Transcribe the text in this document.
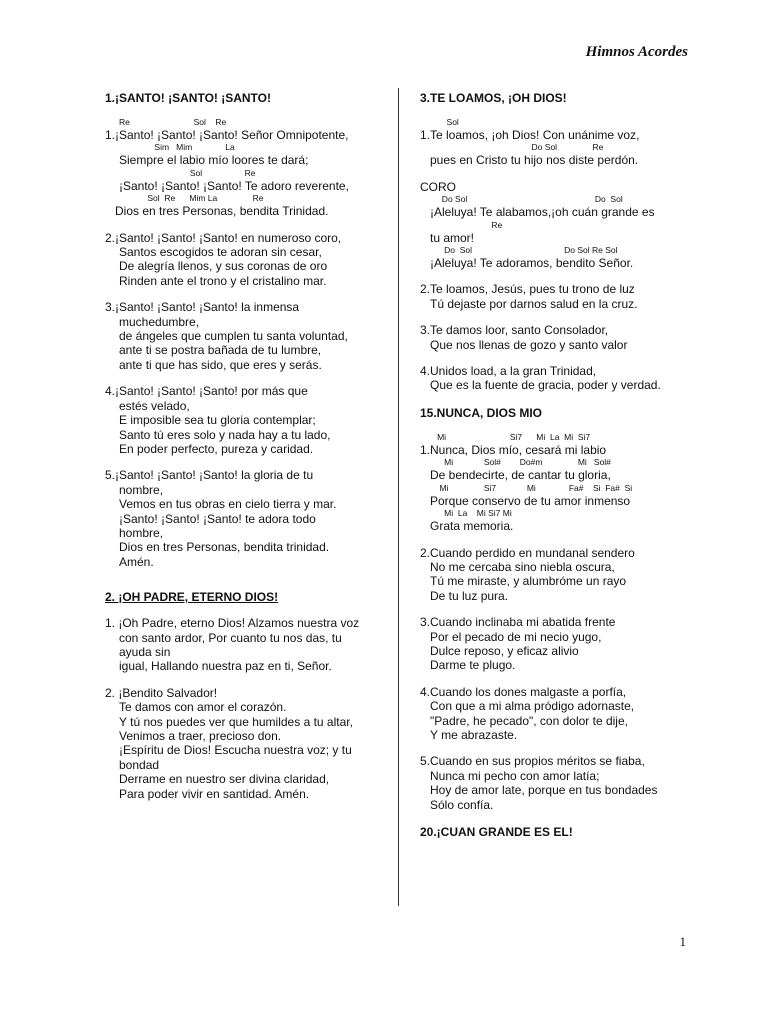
Himnos Acordes

1.¡SANTO! ¡SANTO! ¡SANTO!

Re                           Sol    Re

1.¡Santo! ¡Santo! ¡Santo! Señor Omnipotente,

Sim   Mim              La

Siempre el labio mío loores te dará;

Sol                  Re

¡Santo! ¡Santo! ¡Santo! Te adoro reverente,

Sol  Re      Mim La               Re

Dios en tres Personas, bendita Trinidad.

2.¡Santo! ¡Santo! ¡Santo! en numeroso coro,

Santos escogidos te adoran sin cesar,

De alegría llenos, y sus coronas de oro

Rinden ante el trono y el cristalino mar.

3.¡Santo! ¡Santo! ¡Santo! la inmensa

muchedumbre,

de ángeles que cumplen tu santa voluntad,

ante ti se postra bañada de tu lumbre,

ante ti que has sido, que eres y serás.

4.¡Santo! ¡Santo! ¡Santo! por más que

estés velado,

E imposible sea tu gloria contemplar;

Santo tú eres solo y nada hay a tu lado,

En poder perfecto, pureza y caridad.

5.¡Santo! ¡Santo! ¡Santo! la gloria de tu

nombre,

Vemos en tus obras en cielo tierra y mar.

¡Santo! ¡Santo! ¡Santo! te adora todo

hombre,

Dios en tres Personas, bendita trinidad.

Amén.

2. ¡OH PADRE, ETERNO DIOS!

1. ¡Oh Padre, eterno Dios! Alzamos nuestra voz

con santo ardor, Por cuanto tu nos das, tu

ayuda sin

igual, Hallando nuestra paz en ti, Señor.

2. ¡Bendito Salvador!

Te damos con amor el corazón.

Y tú nos puedes ver que humildes a tu altar,

Venimos a traer, precioso don.

¡Espíritu de Dios! Escucha nuestra voz; y tu

bondad

Derrame en nuestro ser divina claridad,

Para poder vivir en santidad. Amén.

3.TE LOAMOS, ¡OH DIOS!

Sol

1.Te loamos, ¡oh Dios! Con unánime voz,

Do Sol               Re

pues en Cristo tu hijo nos diste perdón.

CORO

Do Sol                                                      Do  Sol

¡Aleluya! Te alabamos,¡oh cuán grande es

Re

tu amor!

Do  Sol                                       Do Sol Re Sol

¡Aleluya! Te adoramos, bendito Señor.

2.Te loamos, Jesús, pues tu trono de luz

Tú dejaste por darnos salud en la cruz.

3.Te damos loor, santo Consolador,

Que nos llenas de gozo y santo valor

4.Unidos load, a la gran Trinidad,

Que es la fuente de gracia, poder y verdad.

15.NUNCA, DIOS MIO

Mi                           Si7      Mi  La  Mi  Si7

1.Nunca, Dios mío, cesará mi labio

Mi             Sol#        Do#m               Mi   Sol#

De bendecirte, de cantar tu gloria,

Mi               Si7             Mi              Fa#    Si  Fa#  Si

Porque conservo de tu amor inmenso

Mi  La    Mi Si7 Mi

Grata memoria.

2.Cuando perdido en mundanal sendero

No me cercaba sino niebla oscura,

Tú me miraste, y alumbróme un rayo

De tu luz pura.

3.Cuando inclinaba mi abatida frente

Por el pecado de mi necio yugo,

Dulce reposo, y eficaz alivio

Darme te plugo.

4.Cuando los dones malgaste a porfía,

Con que a mi alma pródigo adornaste,

"Padre, he pecado", con dolor te dije,

Y me abrazaste.

5.Cuando en sus propios méritos se fiaba,

Nunca mi pecho con amor latía;

Hoy de amor late, porque en tus bondades

Sólo confía.

20.¡CUAN GRANDE ES EL!

1
